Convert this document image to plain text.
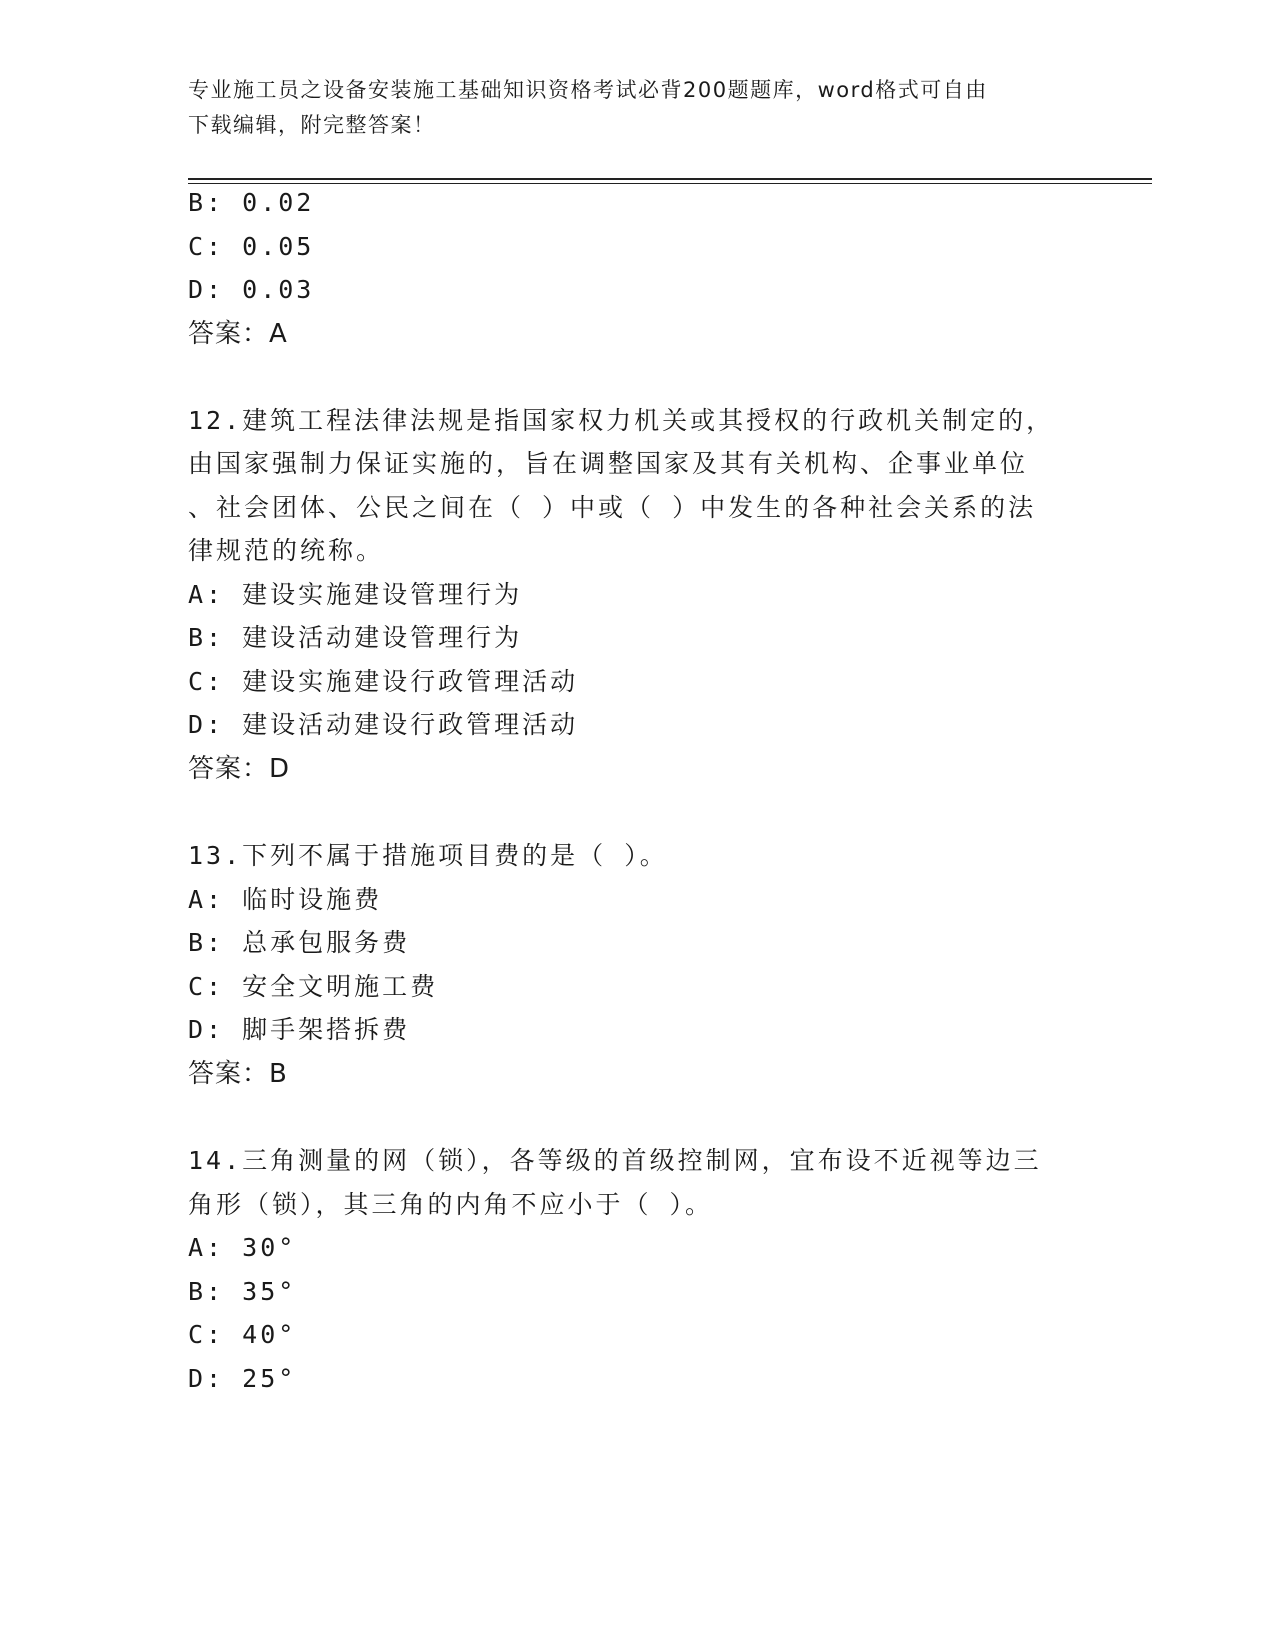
专业施工员之设备安装施工基础知识资格考试必背200题题库，word格式可自由
下载编辑，附完整答案！
B: 0.02
C: 0.05
D: 0.03
答案：A
12.建筑工程法律法规是指国家权力机关或其授权的行政机关制定的，
由国家强制力保证实施的，旨在调整国家及其有关机构、企事业单位
、社会团体、公民之间在（ ）中或（ ）中发生的各种社会关系的法
律规范的统称。
A: 建设实施建设管理行为
B: 建设活动建设管理行为
C: 建设实施建设行政管理活动
D: 建设活动建设行政管理活动
答案：D
13.下列不属于措施项目费的是（ ）。
A: 临时设施费
B: 总承包服务费
C: 安全文明施工费
D: 脚手架搭拆费
答案：B
14.三角测量的网（锁），各等级的首级控制网，宜布设不近视等边三
角形（锁），其三角的内角不应小于（ ）。
A: 30°
B: 35°
C: 40°
D: 25°
